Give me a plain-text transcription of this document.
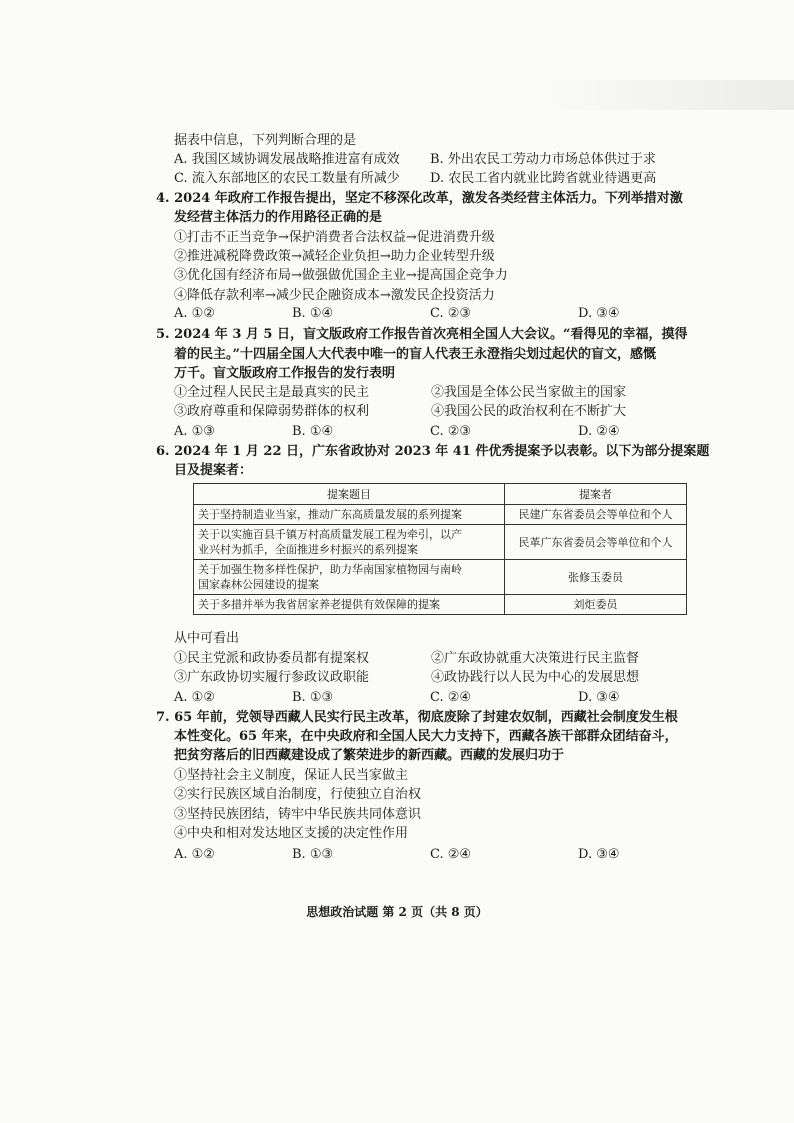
据表中信息，下列判断合理的是
A. 我国区域协调发展战略推进富有成效 B. 外出农民工劳动力市场总体供过于求
C. 流入东部地区的农民工数量有所减少 D. 农民工省内就业比跨省就业待遇更高
4. 2024 年政府工作报告提出，坚定不移深化改革，激发各类经营主体活力。下列举措对激
发经营主体活力的作用路径正确的是
①打击不正当竞争→保护消费者合法权益→促进消费升级
②推进减税降费政策→减轻企业负担→助力企业转型升级
③优化国有经济布局→做强做优国企主业→提高国企竞争力
④降低存款利率→减少民企融资成本→激发民企投资活力
A. ①②	B. ①④	C. ②③	D. ③④
5. 2024 年 3 月 5 日，盲文版政府工作报告首次亮相全国人大会议。“看得见的幸福，摸得
着的民主。”十四届全国人大代表中唯一的盲人代表王永澄指尖划过起伏的盲文，感慨
万千。盲文版政府工作报告的发行表明
①全过程人民民主是最真实的民主	②我国是全体公民当家做主的国家
③政府尊重和保障弱势群体的权利	④我国公民的政治权利在不断扩大
A. ①③	B. ①④	C. ②③	D. ②④
6. 2024 年 1 月 22 日，广东省政协对 2023 年 41 件优秀提案予以表彰。以下为部分提案题
目及提案者：
提案题目	提案者
关于坚持制造业当家，推动广东高质量发展的系列提案	民建广东省委员会等单位和个人
关于以实施百县千镇万村高质量发展工程为牵引，以产
业兴村为抓手，全面推进乡村振兴的系列提案	民革广东省委员会等单位和个人
关于加强生物多样性保护，助力华南国家植物园与南岭
国家森林公园建设的提案	张修玉委员
关于多措并举为我省居家养老提供有效保障的提案	刘炬委员
从中可看出
①民主党派和政协委员都有提案权	②广东政协就重大决策进行民主监督
③广东政协切实履行参政议政职能	④政协践行以人民为中心的发展思想
A. ①②	B. ①③	C. ②④	D. ③④
7. 65 年前，党领导西藏人民实行民主改革，彻底废除了封建农奴制，西藏社会制度发生根
本性变化。65 年来，在中央政府和全国人民大力支持下，西藏各族干部群众团结奋斗，
把贫穷落后的旧西藏建设成了繁荣进步的新西藏。西藏的发展归功于
①坚持社会主义制度，保证人民当家做主
②实行民族区域自治制度，行使独立自治权
③坚持民族团结，铸牢中华民族共同体意识
④中央和相对发达地区支援的决定性作用
A. ①②	B. ①③	C. ②④	D. ③④
思想政治试题 第 2 页（共 8 页）
